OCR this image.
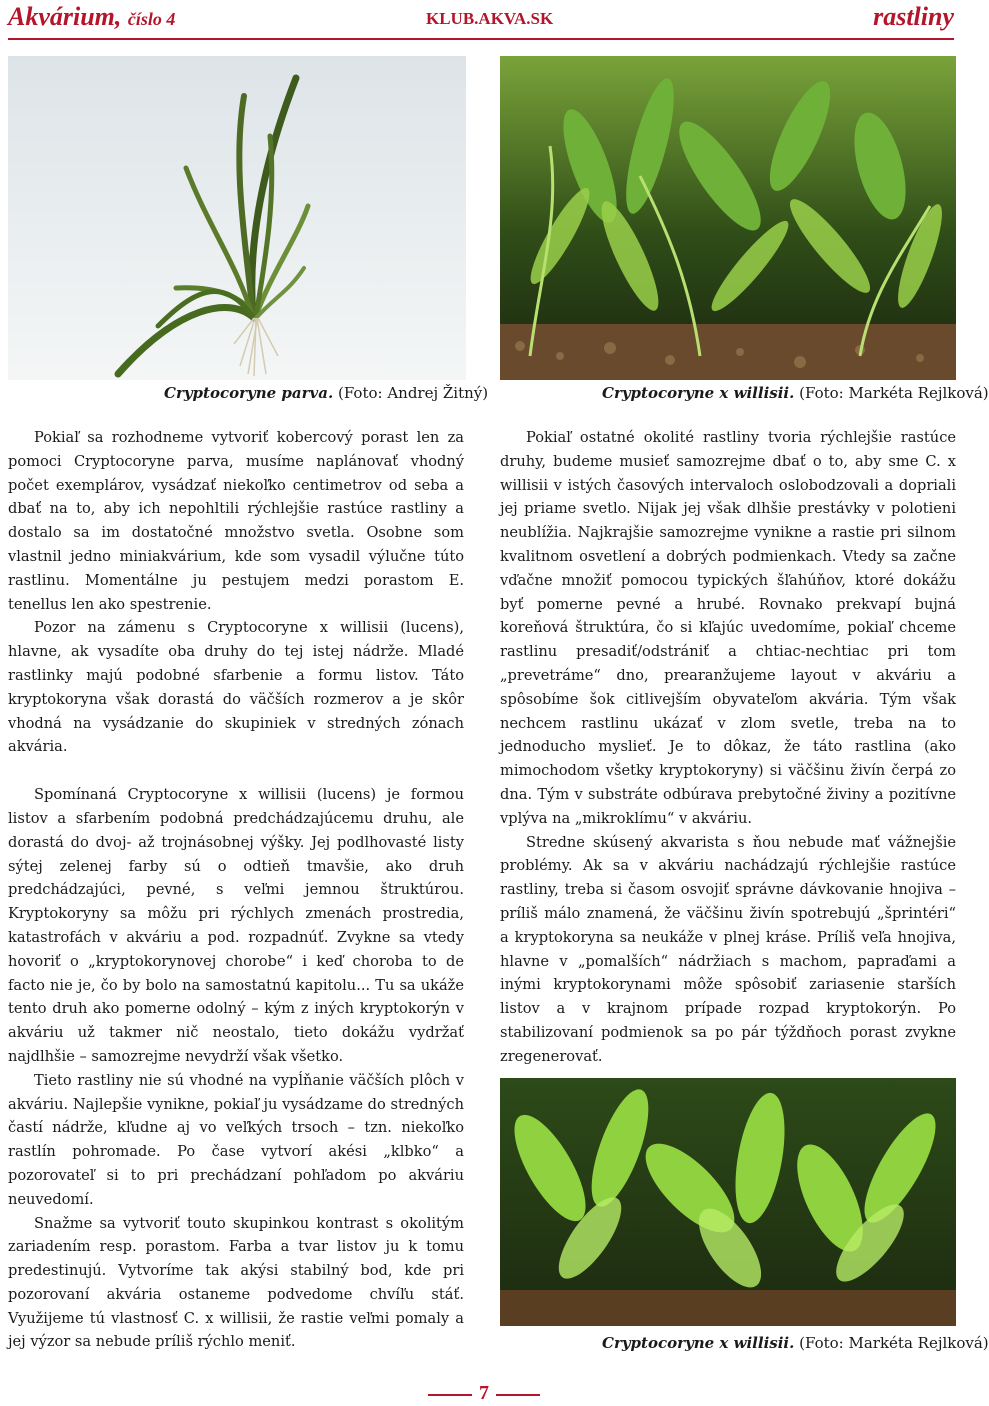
Akvárium, číslo 4	KLUB.AKVA.SK	rastliny
Cryptocoryne parva. (Foto: Andrej Žitný)	Cryptocoryne x willisii. (Foto: Markéta Rejlková)

Pokiaľ sa rozhodneme vytvoriť kobercový porast len za pomoci Cryptocoryne parva, musíme naplánovať vhodný počet exemplárov, vysádzať niekoľko centimetrov od seba a dbať na to, aby ich nepohltili rýchlejšie rastúce rastliny a dostalo sa im dostatočné množstvo svetla. Osobne som vlastnil jedno miniakvárium, kde som vysadil výlučne túto rastlinu. Momentálne ju pestujem medzi porastom E. tenellus len ako spestrenie.

Pozor na zámenu s Cryptocoryne x willisii (lucens), hlavne, ak vysadíte oba druhy do tej istej nádrže. Mladé rastlinky majú podobné sfarbenie a formu listov. Táto kryptokoryna však dorastá do väčších rozmerov a je skôr vhodná na vysádzanie do skupiniek v stredných zónach akvária.

Spomínaná Cryptocoryne x willisii (lucens) je formou listov a sfarbením podobná predchádzajúcemu druhu, ale dorastá do dvoj- až trojnásobnej výšky. Jej podlhovasté listy sýtej zelenej farby sú o odtieň tmavšie, ako druh predchádzajúci, pevné, s veľmi jemnou štruktúrou. Kryptokoryny sa môžu pri rýchlych zmenách prostredia, katastrofách v akváriu a pod. rozpadnúť. Zvykne sa vtedy hovoriť o „kryptokorynovej chorobe“ i keď choroba to de facto nie je, čo by bolo na samostatnú kapitolu... Tu sa ukáže tento druh ako pomerne odolný – kým z iných kryptokorýn v akváriu už takmer nič neostalo, tieto dokážu vydržať najdlhšie – samozrejme nevydrží však všetko.

Tieto rastliny nie sú vhodné na vypĺňanie väčších plôch v akváriu. Najlepšie vynikne, pokiaľ ju vysádzame do stredných častí nádrže, kľudne aj vo veľkých trsoch – tzn. niekoľko rastlín pohromade. Po čase vytvorí akési „klbko“ a pozorovateľ si to pri prechádzaní pohľadom po akváriu neuvedomí.

Snažme sa vytvoriť touto skupinkou kontrast s okolitým zariadením resp. porastom. Farba a tvar listov ju k tomu predestinujú. Vytvoríme tak akýsi stabilný bod, kde pri pozorovaní akvária ostaneme podvedome chvíľu stáť. Využijeme tú vlastnosť C. x willisii, že rastie veľmi pomaly a jej výzor sa nebude príliš rýchlo meniť.

Pokiaľ ostatné okolité rastliny tvoria rýchlejšie rastúce druhy, budeme musieť samozrejme dbať o to, aby sme C. x willisii v istých časových intervaloch oslobodzovali a dopriali jej priame svetlo. Nijak jej však dlhšie prestávky v polotieni neublížia. Najkrajšie samozrejme vynikne a rastie pri silnom kvalitnom osvetlení a dobrých podmienkach. Vtedy sa začne vďačne množiť pomocou typických šľahúňov, ktoré dokážu byť pomerne pevné a hrubé. Rovnako prekvapí bujná koreňová štruktúra, čo si kľajúc uvedomíme, pokiaľ chceme rastlinu presadiť/odstrániť a chtiac-nechtiac pri tom „prevetráme“ dno, prearanžujeme layout v akváriu a spôsobíme šok citlivejším obyvateľom akvária. Tým však nechcem rastlinu ukázať v zlom svetle, treba na to jednoducho myslieť. Je to dôkaz, že táto rastlina (ako mimochodom všetky kryptokoryny) si väčšinu živín čerpá zo dna. Tým v substráte odbúrava prebytočné živiny a pozitívne vplýva na „mikroklímu“ v akváriu.

Stredne skúsený akvarista s ňou nebude mať vážnejšie problémy. Ak sa v akváriu nachádzajú rýchlejšie rastúce rastliny, treba si časom osvojiť správne dávkovanie hnojiva – príliš málo znamená, že väčšinu živín spotrebujú „šprintéri“ a kryptokoryna sa neukáže v plnej kráse. Príliš veľa hnojiva, hlavne v „pomalších“ nádržiach s machom, papraďami a inými kryptokorynami môže spôsobiť zariasenie starších listov a v krajnom prípade rozpad kryptokorýn. Po stabilizovaní podmienok sa po pár týždňoch porast zvykne zregenerovať.

Cryptocoryne x willisii. (Foto: Markéta Rejlková)
7
